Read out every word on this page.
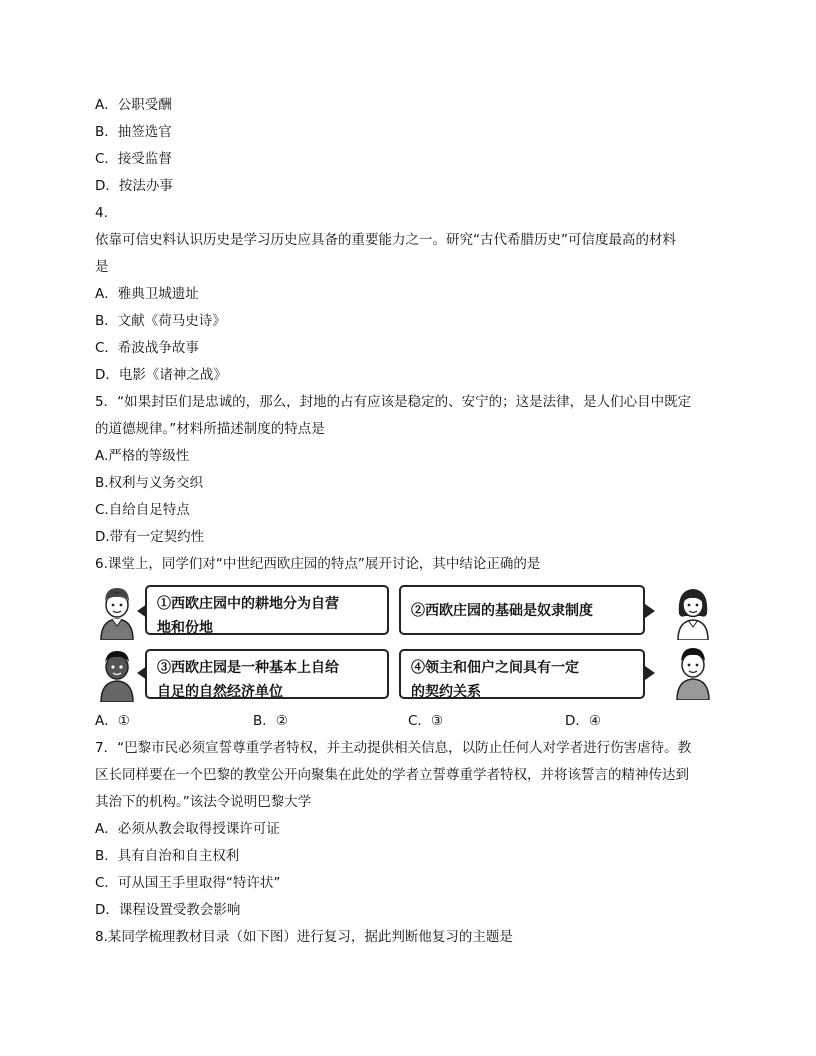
A．公职受酬
B．抽签选官
C．接受监督
D．按法办事
4.
依靠可信史料认识历史是学习历史应具备的重要能力之一。研究“古代希腊历史”可信度最高的材料
是
A．雅典卫城遗址
B．文献《荷马史诗》
C．希波战争故事
D．电影《诸神之战》
5．“如果封臣们是忠诚的，那么，封地的占有应该是稳定的、安宁的；这是法律，是人们心目中既定
的道德规律。”材料所描述制度的特点是
A.严格的等级性
B.权利与义务交织
C.自给自足特点
D.带有一定契约性
6.课堂上，同学们对“中世纪西欧庄园的特点”展开讨论，其中结论正确的是
①西欧庄园中的耕地分为自营
地和份地
②西欧庄园的基础是奴隶制度
③西欧庄园是一种基本上自给
自足的自然经济单位
④领主和佃户之间具有一定
的契约关系
A．①	B．②	C．③	D．④
7．“巴黎市民必须宣誓尊重学者特权，并主动提供相关信息，以防止任何人对学者进行伤害虐待。教
区长同样要在一个巴黎的教堂公开向聚集在此处的学者立誓尊重学者特权，并将该誓言的精神传达到
其治下的机构。”该法令说明巴黎大学
A．必须从教会取得授课许可证
B．具有自治和自主权利
C．可从国王手里取得“特许状”
D．课程设置受教会影响
8.某同学梳理教材目录（如下图）进行复习，据此判断他复习的主题是
